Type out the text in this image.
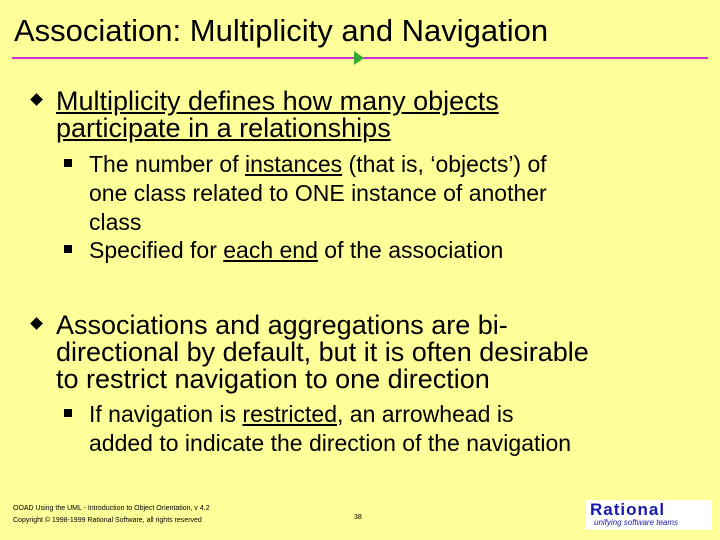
Association: Multiplicity and Navigation
Multiplicity defines how many objects
participate in a relationships
The number of instances (that is, ‘objects’) of
one class related to ONE instance of another
class
Specified for each end of the association
Associations and aggregations are bi-
directional by default, but it is often desirable
to restrict navigation to one direction
If navigation is restricted, an arrowhead is
added to indicate the direction of the navigation
OOAD Using the UML - Introduction to Object Orientation, v 4.2
Copyright © 1998-1999 Rational Software, all rights reserved	38	Rational
unifying software teams
